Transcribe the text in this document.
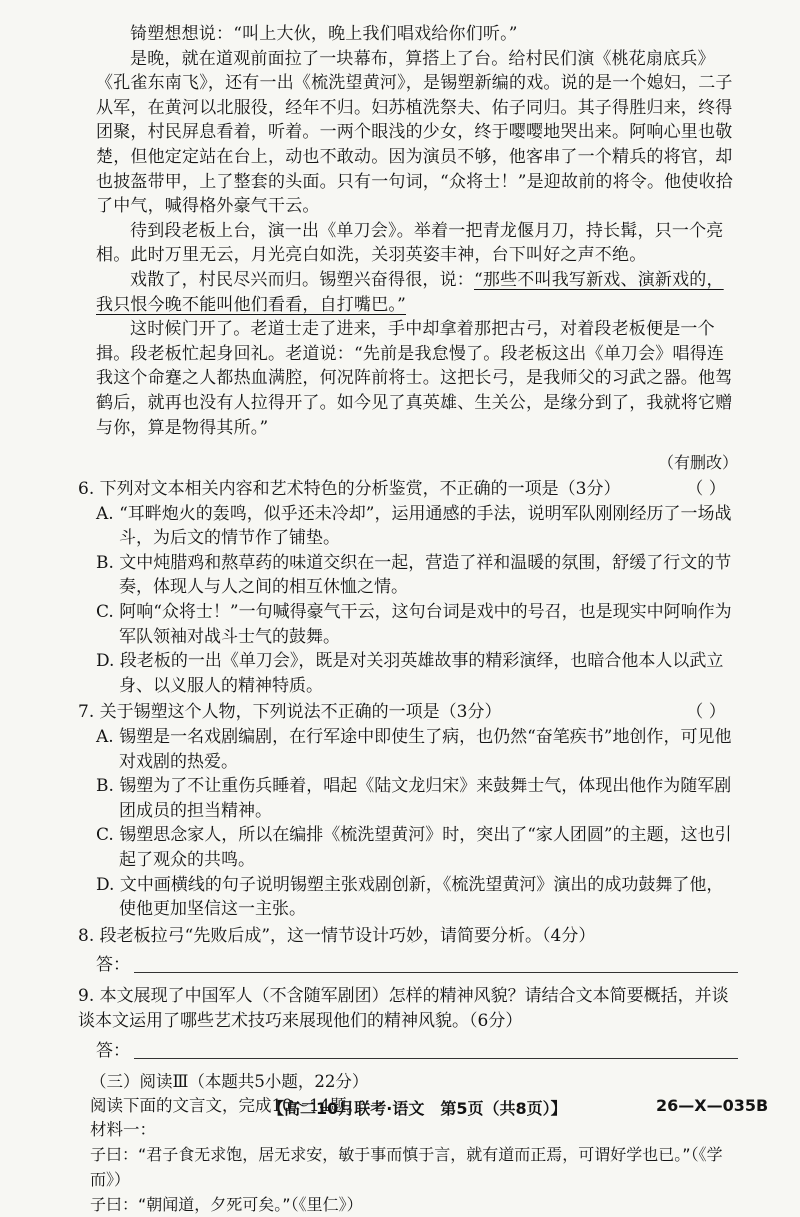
锜塑想想说：“叫上大伙，晚上我们唱戏给你们听。”

是晚，就在道观前面拉了一块幕布，算搭上了台。给村民们演《桃花扇底兵》《孔雀东南飞》，还有一出《梳洗望黄河》，是锡塑新编的戏。说的是一个媳妇，二子从军，在黄河以北服役，经年不归。妇苏植洗祭夫、佑子同归。其子得胜归来，终得团聚，村民屏息看着，听着。一两个眼浅的少女，终于嘤嘤地哭出来。阿响心里也敬楚，但他定定站在台上，动也不敢动。因为演员不够，他客串了一个精兵的将官，却也披盔带甲，上了整套的头面。只有一句词，“众将士！”是迎故前的将令。他使收拾了中气，喊得格外豪气干云。

待到段老板上台，演一出《单刀会》。举着一把青龙偃月刀，持长髯，只一个亮相。此时万里无云，月光亮白如洗，关羽英姿丰神，台下叫好之声不绝。

戏散了，村民尽兴而归。锡塑兴奋得很，说：“那些不叫我写新戏、演新戏的，我只恨今晚不能叫他们看看，自打嘴巴。”

这时候门开了。老道士走了进来，手中却拿着那把古弓，对着段老板便是一个揖。段老板忙起身回礼。老道说：“先前是我怠慢了。段老板这出《单刀会》唱得连我这个命蹇之人都热血满腔，何况阵前将士。这把长弓，是我师父的习武之器。他驾鹤后，就再也没有人拉得开了。如今见了真英雄、生关公，是缘分到了，我就将它赠与你，算是物得其所。”

（有删改）
6. 下列对文本相关内容和艺术特色的分析鉴赏，不正确的一项是（3分）	（ ）

A. “耳畔炮火的轰鸣，似乎还未冷却”，运用通感的手法，说明军队刚刚经历了一场战斗，为后文的情节作了铺垫。

B. 文中炖腊鸡和熬草药的味道交织在一起，营造了祥和温暖的氛围，舒缓了行文的节奏，体现人与人之间的相互休恤之情。

C. 阿响“众将士！”一句喊得豪气干云，这句台词是戏中的号召，也是现实中阿响作为军队领袖对战斗士气的鼓舞。

D. 段老板的一出《单刀会》，既是对关羽英雄故事的精彩演绎，也暗合他本人以武立身、以义服人的精神特质。

7. 关于锡塑这个人物，下列说法不正确的一项是（3分）	（ ）

A. 锡塑是一名戏剧编剧，在行军途中即使生了病，也仍然“奋笔疾书”地创作，可见他对戏剧的热爱。

B. 锡塑为了不让重伤兵睡着，唱起《陆文龙归宋》来鼓舞士气，体现出他作为随军剧团成员的担当精神。

C. 锡塑思念家人，所以在编排《梳洗望黄河》时，突出了“家人团圆”的主题，这也引起了观众的共鸣。

D. 文中画横线的句子说明锡塑主张戏剧创新，《梳洗望黄河》演出的成功鼓舞了他，使他更加坚信这一主张。

8. 段老板拉弓“先败后成”，这一情节设计巧妙，请简要分析。（4分）
答：
9. 本文展现了中国军人（不含随军剧团）怎样的精神风貌？请结合文本简要概括，并谈谈本文运用了哪些艺术技巧来展现他们的精神风貌。（6分）
答：
（三）阅读Ⅲ（本题共5小题，22分）
阅读下面的文言文，完成10～14题。
材料一：
子曰：“君子食无求饱，居无求安，敏于事而慎于言，就有道而正焉，可谓好学也已。”（《学而》）
子曰：“朝闻道，夕死可矣。”（《里仁》）
【高二10月联考·语文　第5页（共8页）】	26—X—035B
